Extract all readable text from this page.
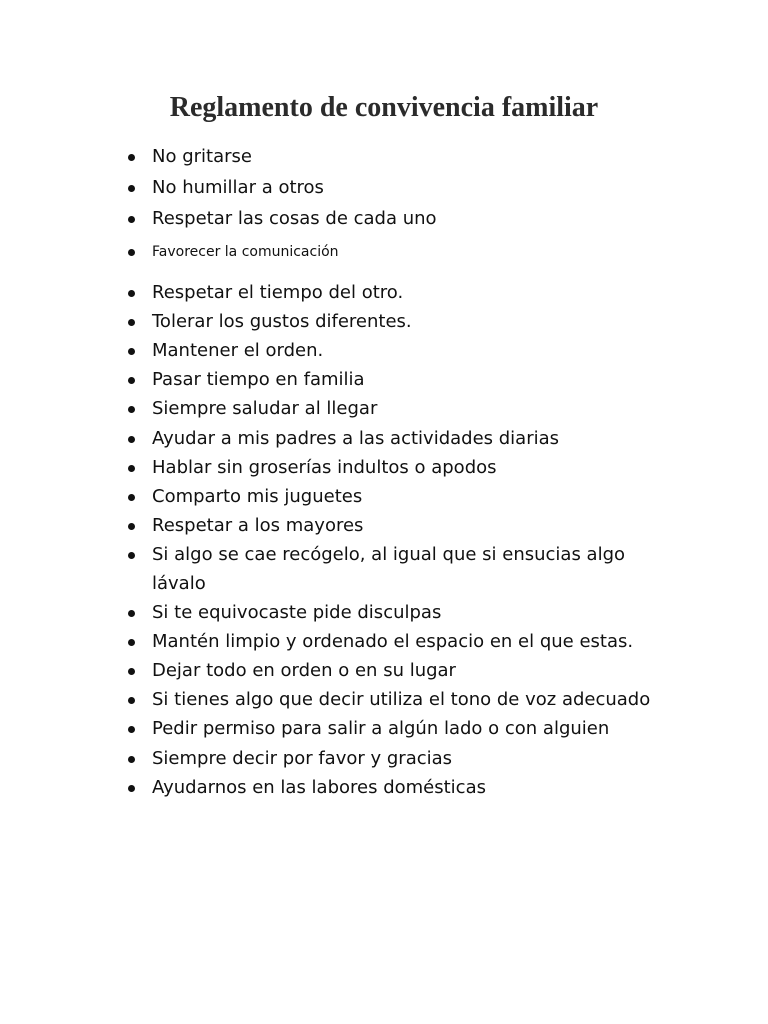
Reglamento de convivencia familiar
No gritarse
No humillar a otros
Respetar las cosas de cada uno
Favorecer la comunicación
Respetar el tiempo del otro.
Tolerar los gustos diferentes.
Mantener el orden.
Pasar tiempo en familia
Siempre saludar al llegar
Ayudar a mis padres a las actividades diarias
Hablar sin groserías indultos o apodos
Comparto mis juguetes
Respetar a los mayores
Si algo se cae recógelo, al igual que si ensucias algo lávalo
Si te equivocaste pide disculpas
Mantén limpio y ordenado el espacio en el que estas.
Dejar todo en orden o en su lugar
Si tienes algo que decir utiliza el tono de voz adecuado
Pedir permiso para salir a algún lado o con alguien
Siempre decir por favor y gracias
Ayudarnos en las labores domésticas
